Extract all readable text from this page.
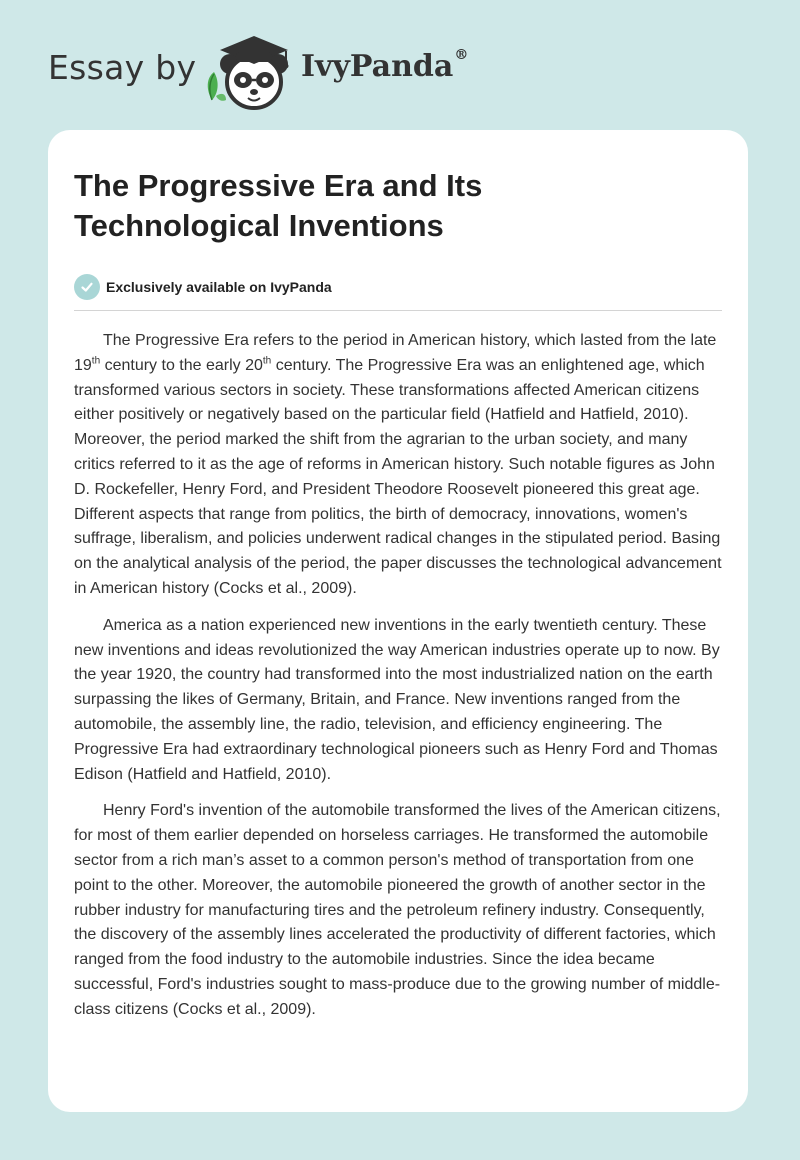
Essay by	IvyPanda®
The Progressive Era and Its Technological Inventions
Exclusively available on IvyPanda

The Progressive Era refers to the period in American history, which lasted from the late 19th century to the early 20th century. The Progressive Era was an enlightened age, which transformed various sectors in society. These transformations affected American citizens either positively or negatively based on the particular field (Hatfield and Hatfield, 2010). Moreover, the period marked the shift from the agrarian to the urban society, and many critics referred to it as the age of reforms in American history. Such notable figures as John D. Rockefeller, Henry Ford, and President Theodore Roosevelt pioneered this great age. Different aspects that range from politics, the birth of democracy, innovations, women's suffrage, liberalism, and policies underwent radical changes in the stipulated period. Basing on the analytical analysis of the period, the paper discusses the technological advancement in American history (Cocks et al., 2009).

America as a nation experienced new inventions in the early twentieth century. These new inventions and ideas revolutionized the way American industries operate up to now. By the year 1920, the country had transformed into the most industrialized nation on the earth surpassing the likes of Germany, Britain, and France. New inventions ranged from the automobile, the assembly line, the radio, television, and efficiency engineering. The Progressive Era had extraordinary technological pioneers such as Henry Ford and Thomas Edison (Hatfield and Hatfield, 2010).

Henry Ford's invention of the automobile transformed the lives of the American citizens, for most of them earlier depended on horseless carriages. He transformed the automobile sector from a rich man’s asset to a common person's method of transportation from one point to the other. Moreover, the automobile pioneered the growth of another sector in the rubber industry for manufacturing tires and the petroleum refinery industry. Consequently, the discovery of the assembly lines accelerated the productivity of different factories, which ranged from the food industry to the automobile industries. Since the idea became successful, Ford's industries sought to mass-produce due to the growing number of middle-class citizens (Cocks et al., 2009).
